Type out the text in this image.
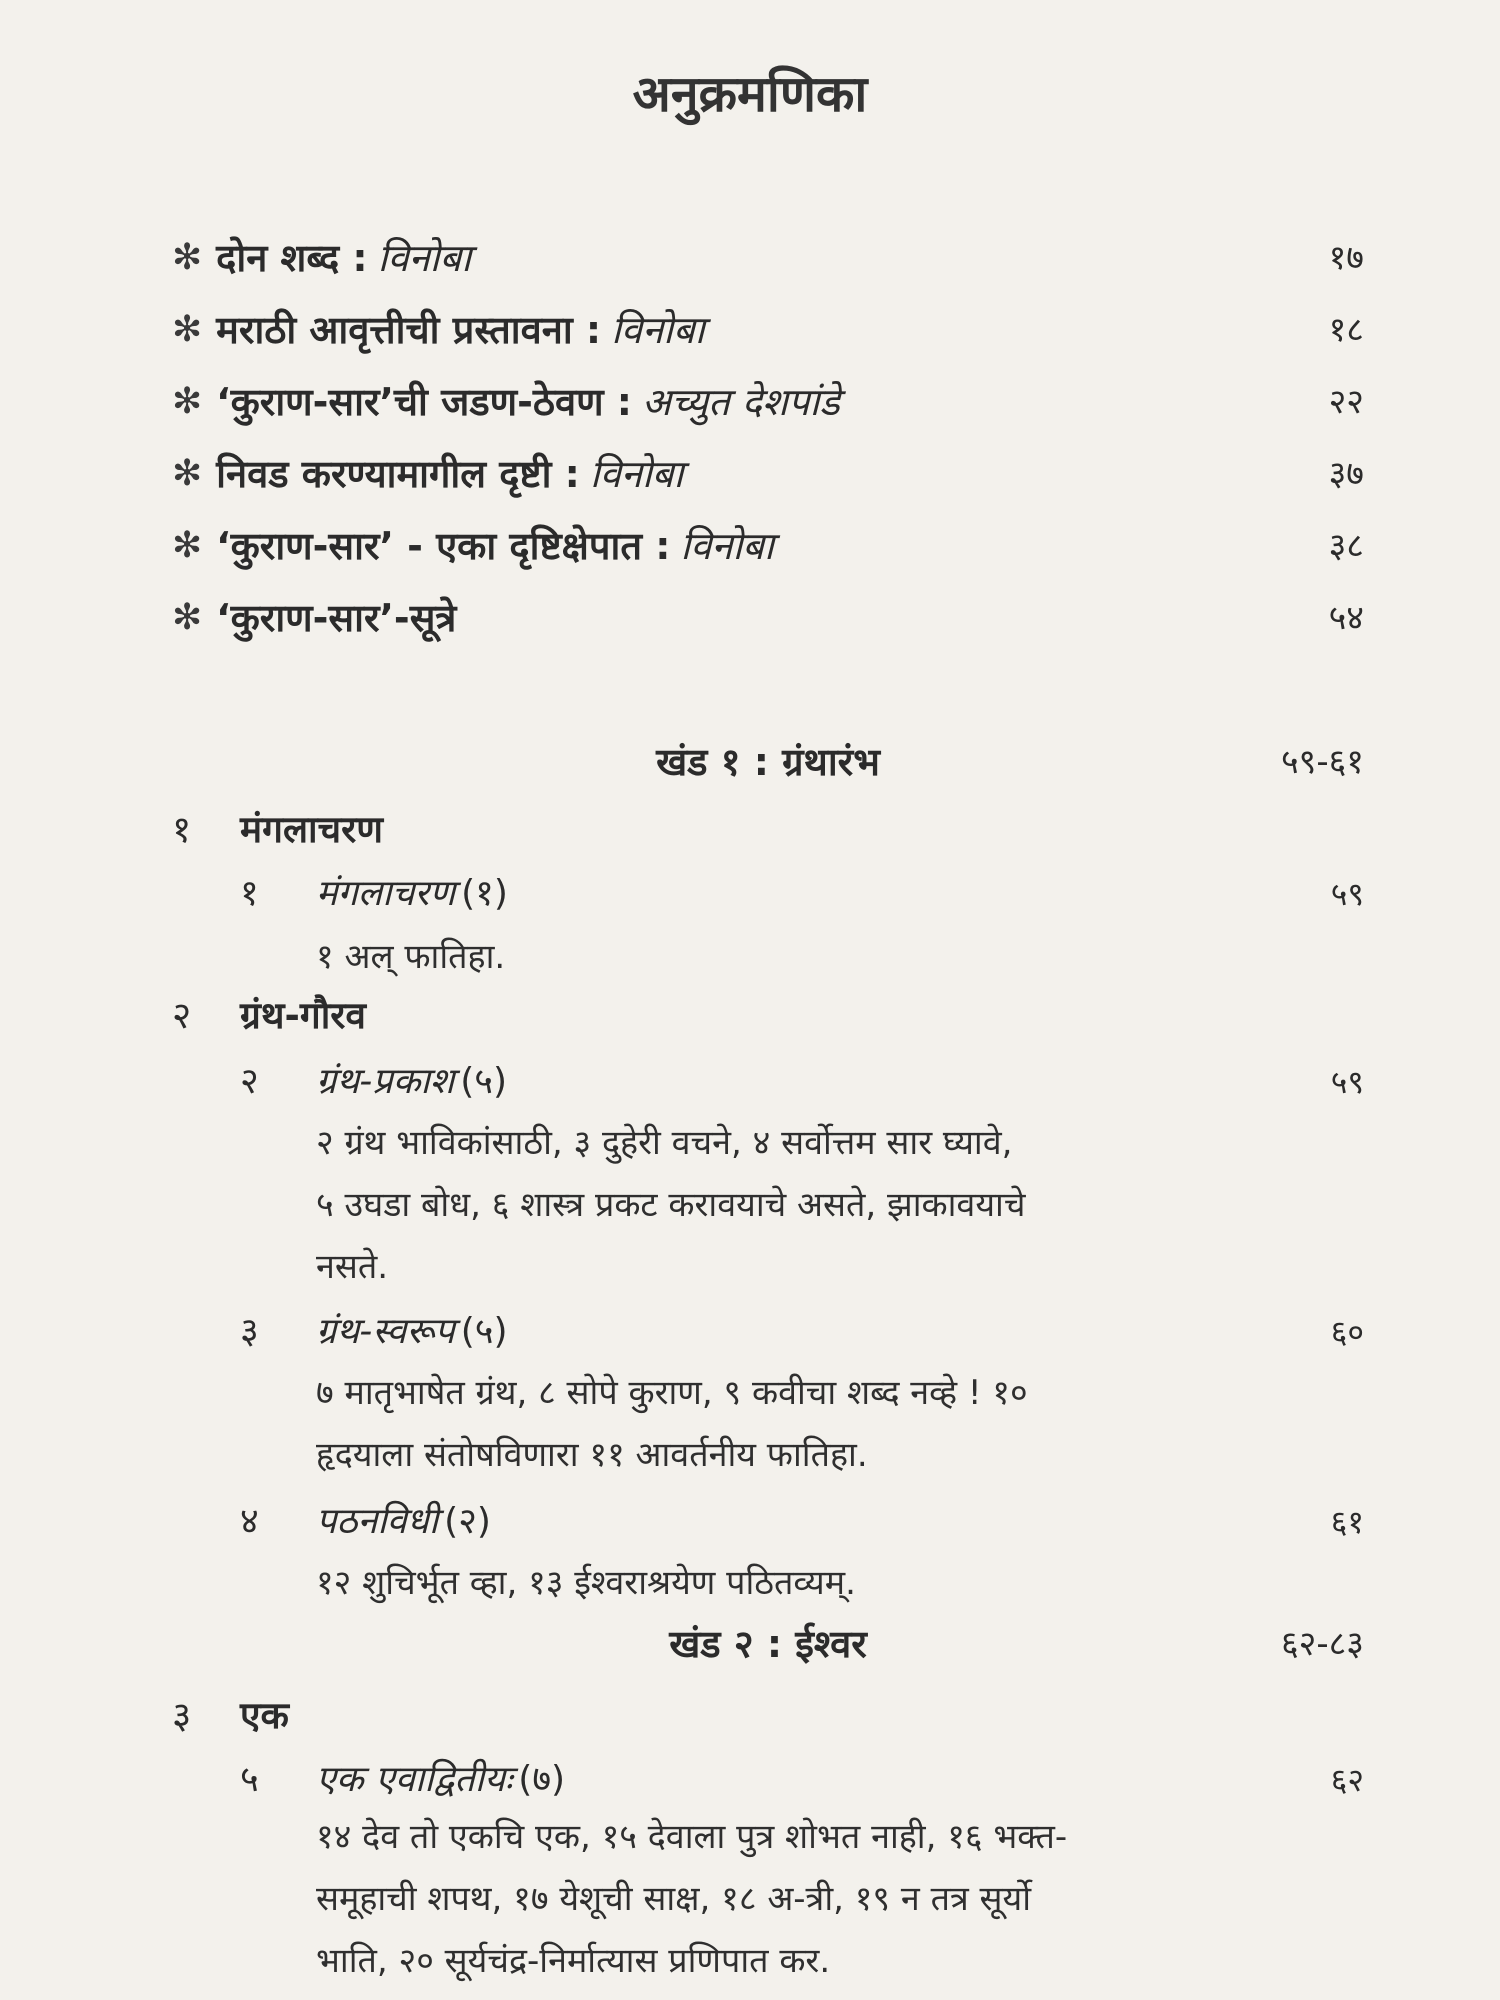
अनुक्रमणिका
✻ दोन शब्द : विनोबा	१७
✻ मराठी आवृत्तीची प्रस्तावना : विनोबा	१८
✻ ‘कुराण-सार’ची जडण-ठेवण : अच्युत देशपांडे	२२
✻ निवड करण्यामागील दृष्टी : विनोबा	३७
✻ ‘कुराण-सार’ - एका दृष्टिक्षेपात : विनोबा	३८
✻ ‘कुराण-सार’-सूत्रे	५४
खंड १ : ग्रंथारंभ	५९-६१
१ मंगलाचरण
१ मंगलाचरण (१)	५९
१ अल् फातिहा.
२ ग्रंथ-गौरव
२ ग्रंथ-प्रकाश (५)	५९
२ ग्रंथ भाविकांसाठी, ३ दुहेरी वचने, ४ सर्वोत्तम सार घ्यावे,
५ उघडा बोध, ६ शास्त्र प्रकट करावयाचे असते, झाकावयाचे
नसते.
३ ग्रंथ-स्वरूप (५)	६०
७ मातृभाषेत ग्रंथ, ८ सोपे कुराण, ९ कवीचा शब्द नव्हे ! १०
हृदयाला संतोषविणारा ११ आवर्तनीय फातिहा.
४ पठनविधी (२)	६१
१२ शुचिर्भूत व्हा, १३ ईश्वराश्रयेण पठितव्यम्.
खंड २ : ईश्वर	६२-८३
३ एक
५ एक एवाद्वितीयः (७)	६२
१४ देव तो एकचि एक, १५ देवाला पुत्र शोभत नाही, १६ भक्त-
समूहाची शपथ, १७ येशूची साक्ष, १८ अ-त्री, १९ न तत्र सूर्यो
भाति, २० सूर्यचंद्र-निर्मात्यास प्रणिपात कर.
